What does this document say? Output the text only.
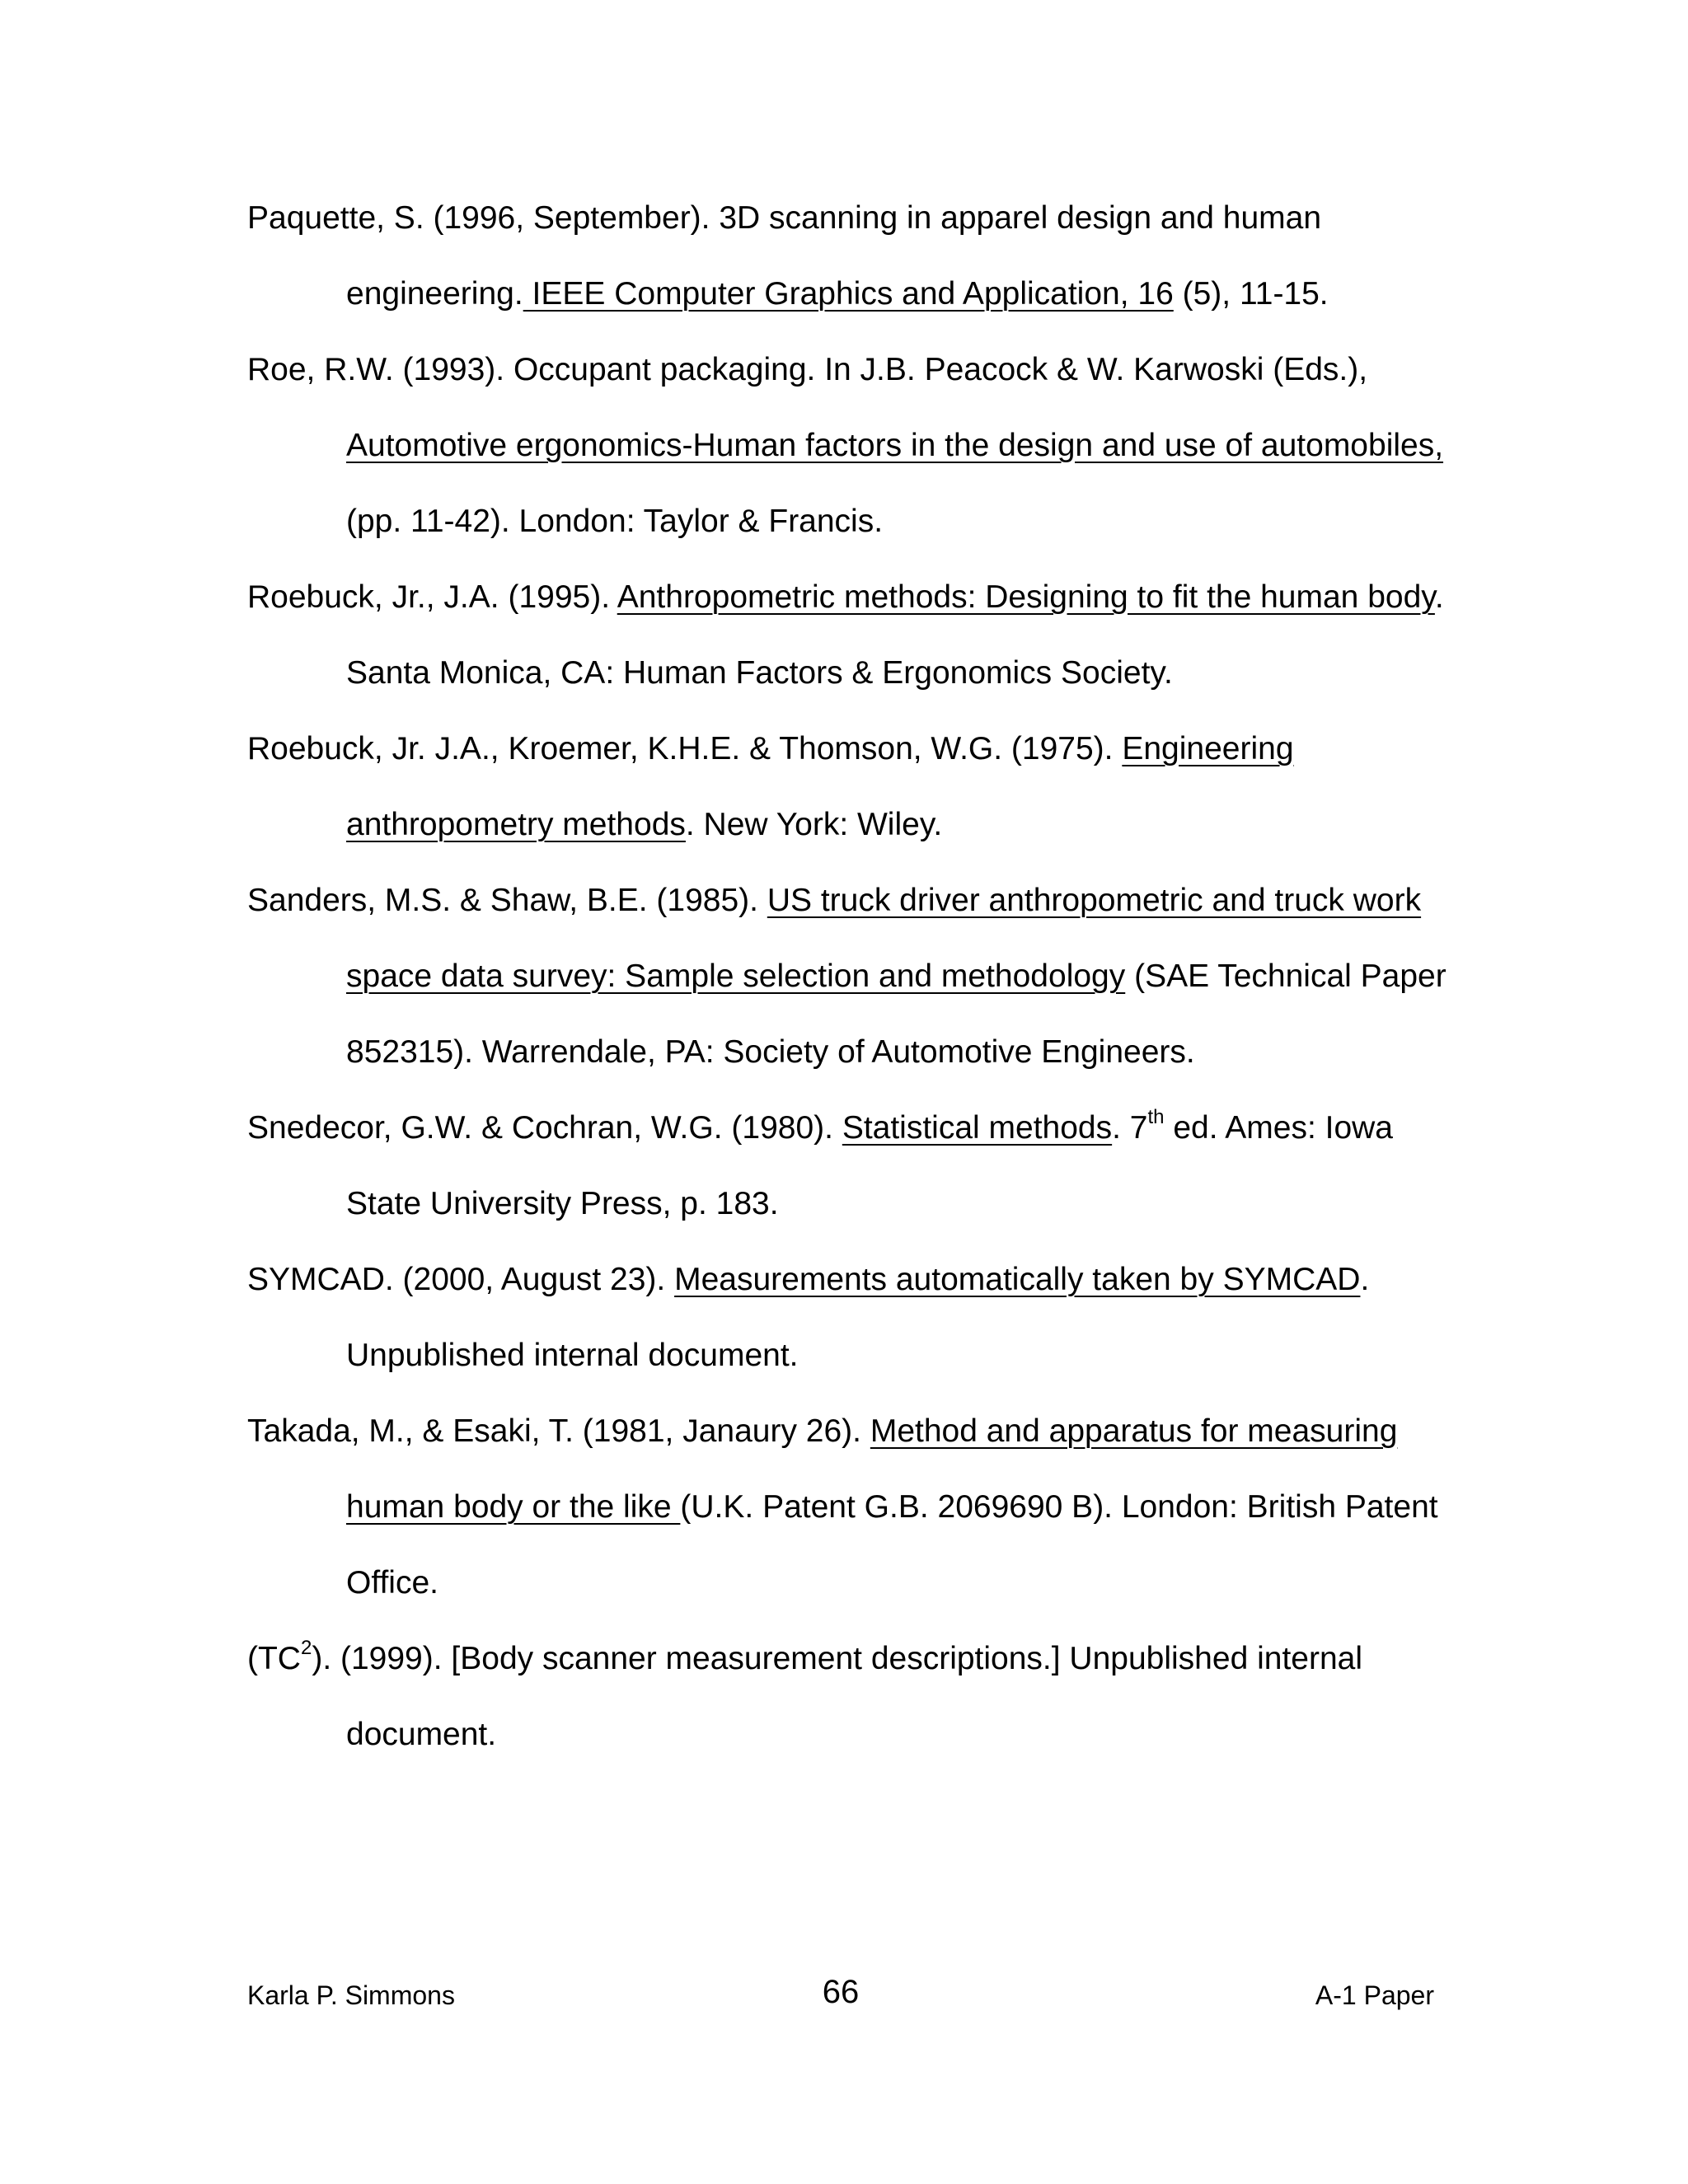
Paquette, S. (1996, September). 3D scanning in apparel design and human engineering. IEEE Computer Graphics and Application, 16 (5), 11-15.
Roe, R.W. (1993). Occupant packaging. In J.B. Peacock & W. Karwoski (Eds.), Automotive ergonomics-Human factors in the design and use of automobiles, (pp. 11-42). London: Taylor & Francis.
Roebuck, Jr., J.A. (1995). Anthropometric methods: Designing to fit the human body. Santa Monica, CA: Human Factors & Ergonomics Society.
Roebuck, Jr. J.A., Kroemer, K.H.E. & Thomson, W.G. (1975). Engineering anthropometry methods. New York: Wiley.
Sanders, M.S. & Shaw, B.E. (1985). US truck driver anthropometric and truck work space data survey: Sample selection and methodology (SAE Technical Paper 852315). Warrendale, PA: Society of Automotive Engineers.
Snedecor, G.W. & Cochran, W.G. (1980). Statistical methods. 7th ed. Ames: Iowa State University Press, p. 183.
SYMCAD. (2000, August 23). Measurements automatically taken by SYMCAD. Unpublished internal document.
Takada, M., & Esaki, T. (1981, Janaury 26). Method and apparatus for measuring human body or the like (U.K. Patent G.B. 2069690 B). London: British Patent Office.
$(TC^2)$. (1999). [Body scanner measurement descriptions.] Unpublished internal document.
Karla P. Simmons	66	A-1 Paper
